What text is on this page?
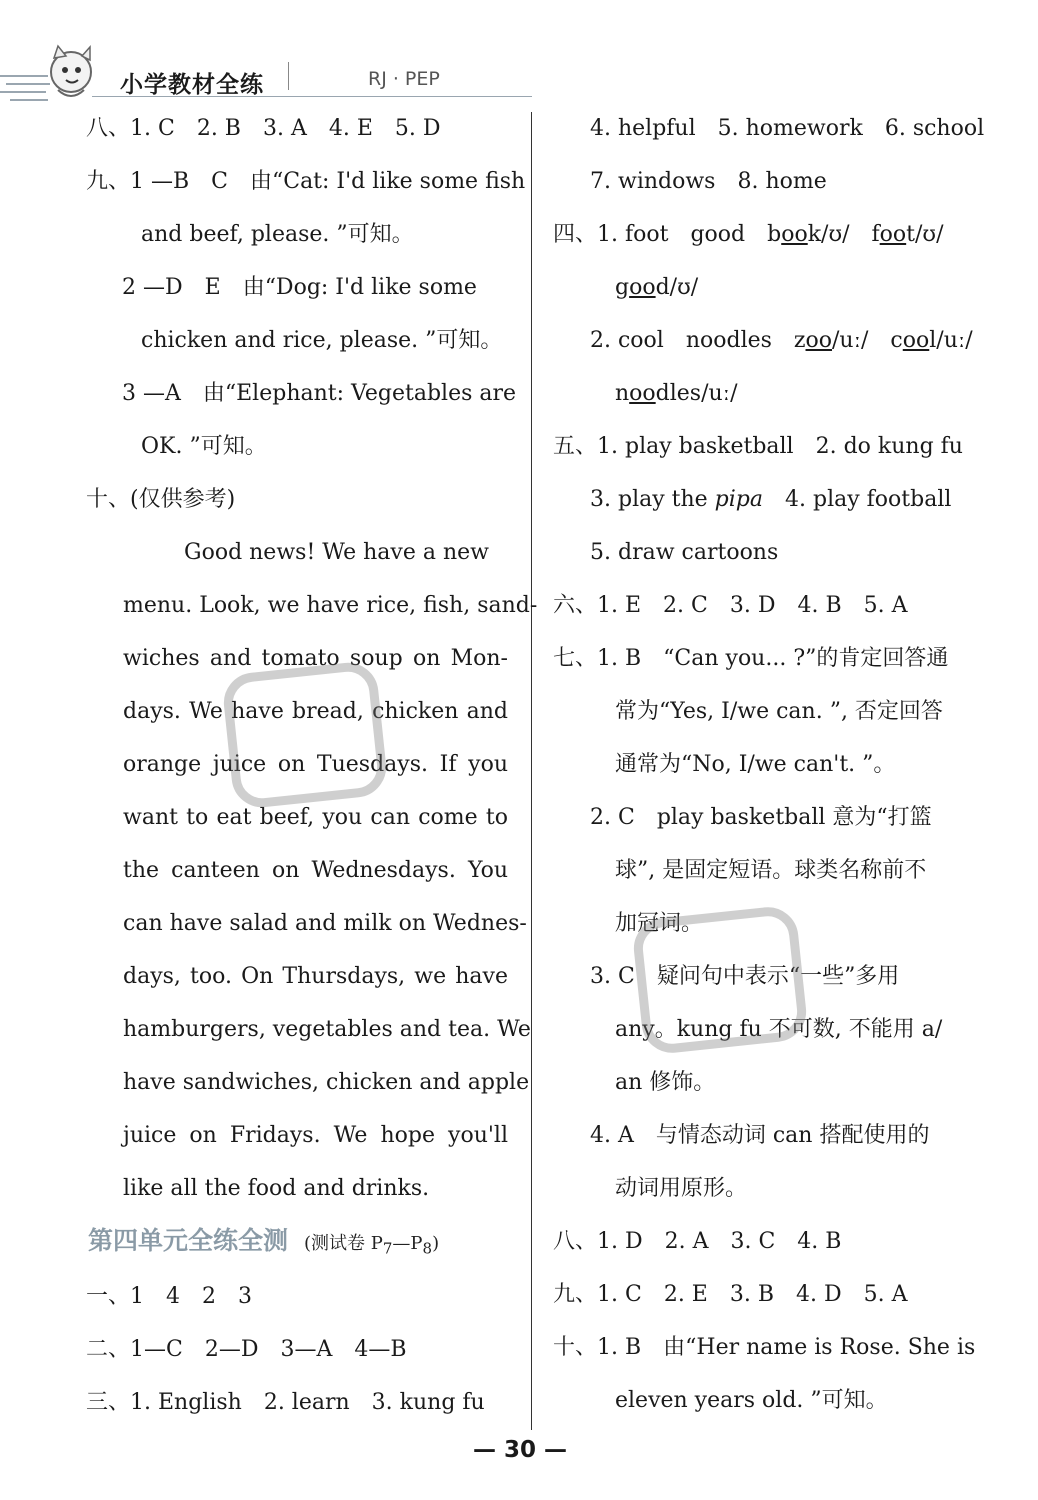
小学教材全练	RJ · PEP
八、1. C　2. B　3. A　4. E　5. D
九、1 —B　C　由“Cat: I'd like some fish
and beef, please. ”可知。
2 —D　E　由“Dog: I'd like some
chicken and rice, please. ”可知。
3 —A　由“Elephant: Vegetables are
OK. ”可知。
十、(仅供参考)
Good news! We have a new
menu. Look, we have rice, fish, sand-
wiches and tomato soup on Mon-
days. We have bread, chicken and
orange juice on Tuesdays. If you
want to eat beef, you can come to
the canteen on Wednesdays. You
can have salad and milk on Wednes-
days, too. On Thursdays, we have
hamburgers, vegetables and tea. We
have sandwiches, chicken and apple
juice on Fridays. We hope you'll
like all the food and drinks.
第四单元全练全测 (测试卷 $P_7—P_8$)
一、1　4　2　3
二、1—C　2—D　3—A　4—B
三、1. English　2. learn　3. kung fu
4. helpful　5. homework　6. school
7. windows　8. home
四、1. foot　good　book/ʊ/　foot/ʊ/
good/ʊ/
2. cool　noodles　zoo/uː/　cool/uː/
noodles/uː/
五、1. play basketball　2. do kung fu
3. play the pipa　4. play football
5. draw cartoons
六、1. E　2. C　3. D　4. B　5. A
七、1. B　“Can you... ?”的肯定回答通
常为“Yes, I/we can. ”, 否定回答
通常为“No, I/we can't. ”。
2. C　play basketball 意为“打篮
球”, 是固定短语。球类名称前不
加冠词。
3. C　疑问句中表示“一些”多用
any。kung fu 不可数, 不能用 a/
an 修饰。
4. A　与情态动词 can 搭配使用的
动词用原形。
八、1. D　2. A　3. C　4. B
九、1. C　2. E　3. B　4. D　5. A
十、1. B　由“Her name is Rose. She is
eleven years old. ”可知。
— 30 —
